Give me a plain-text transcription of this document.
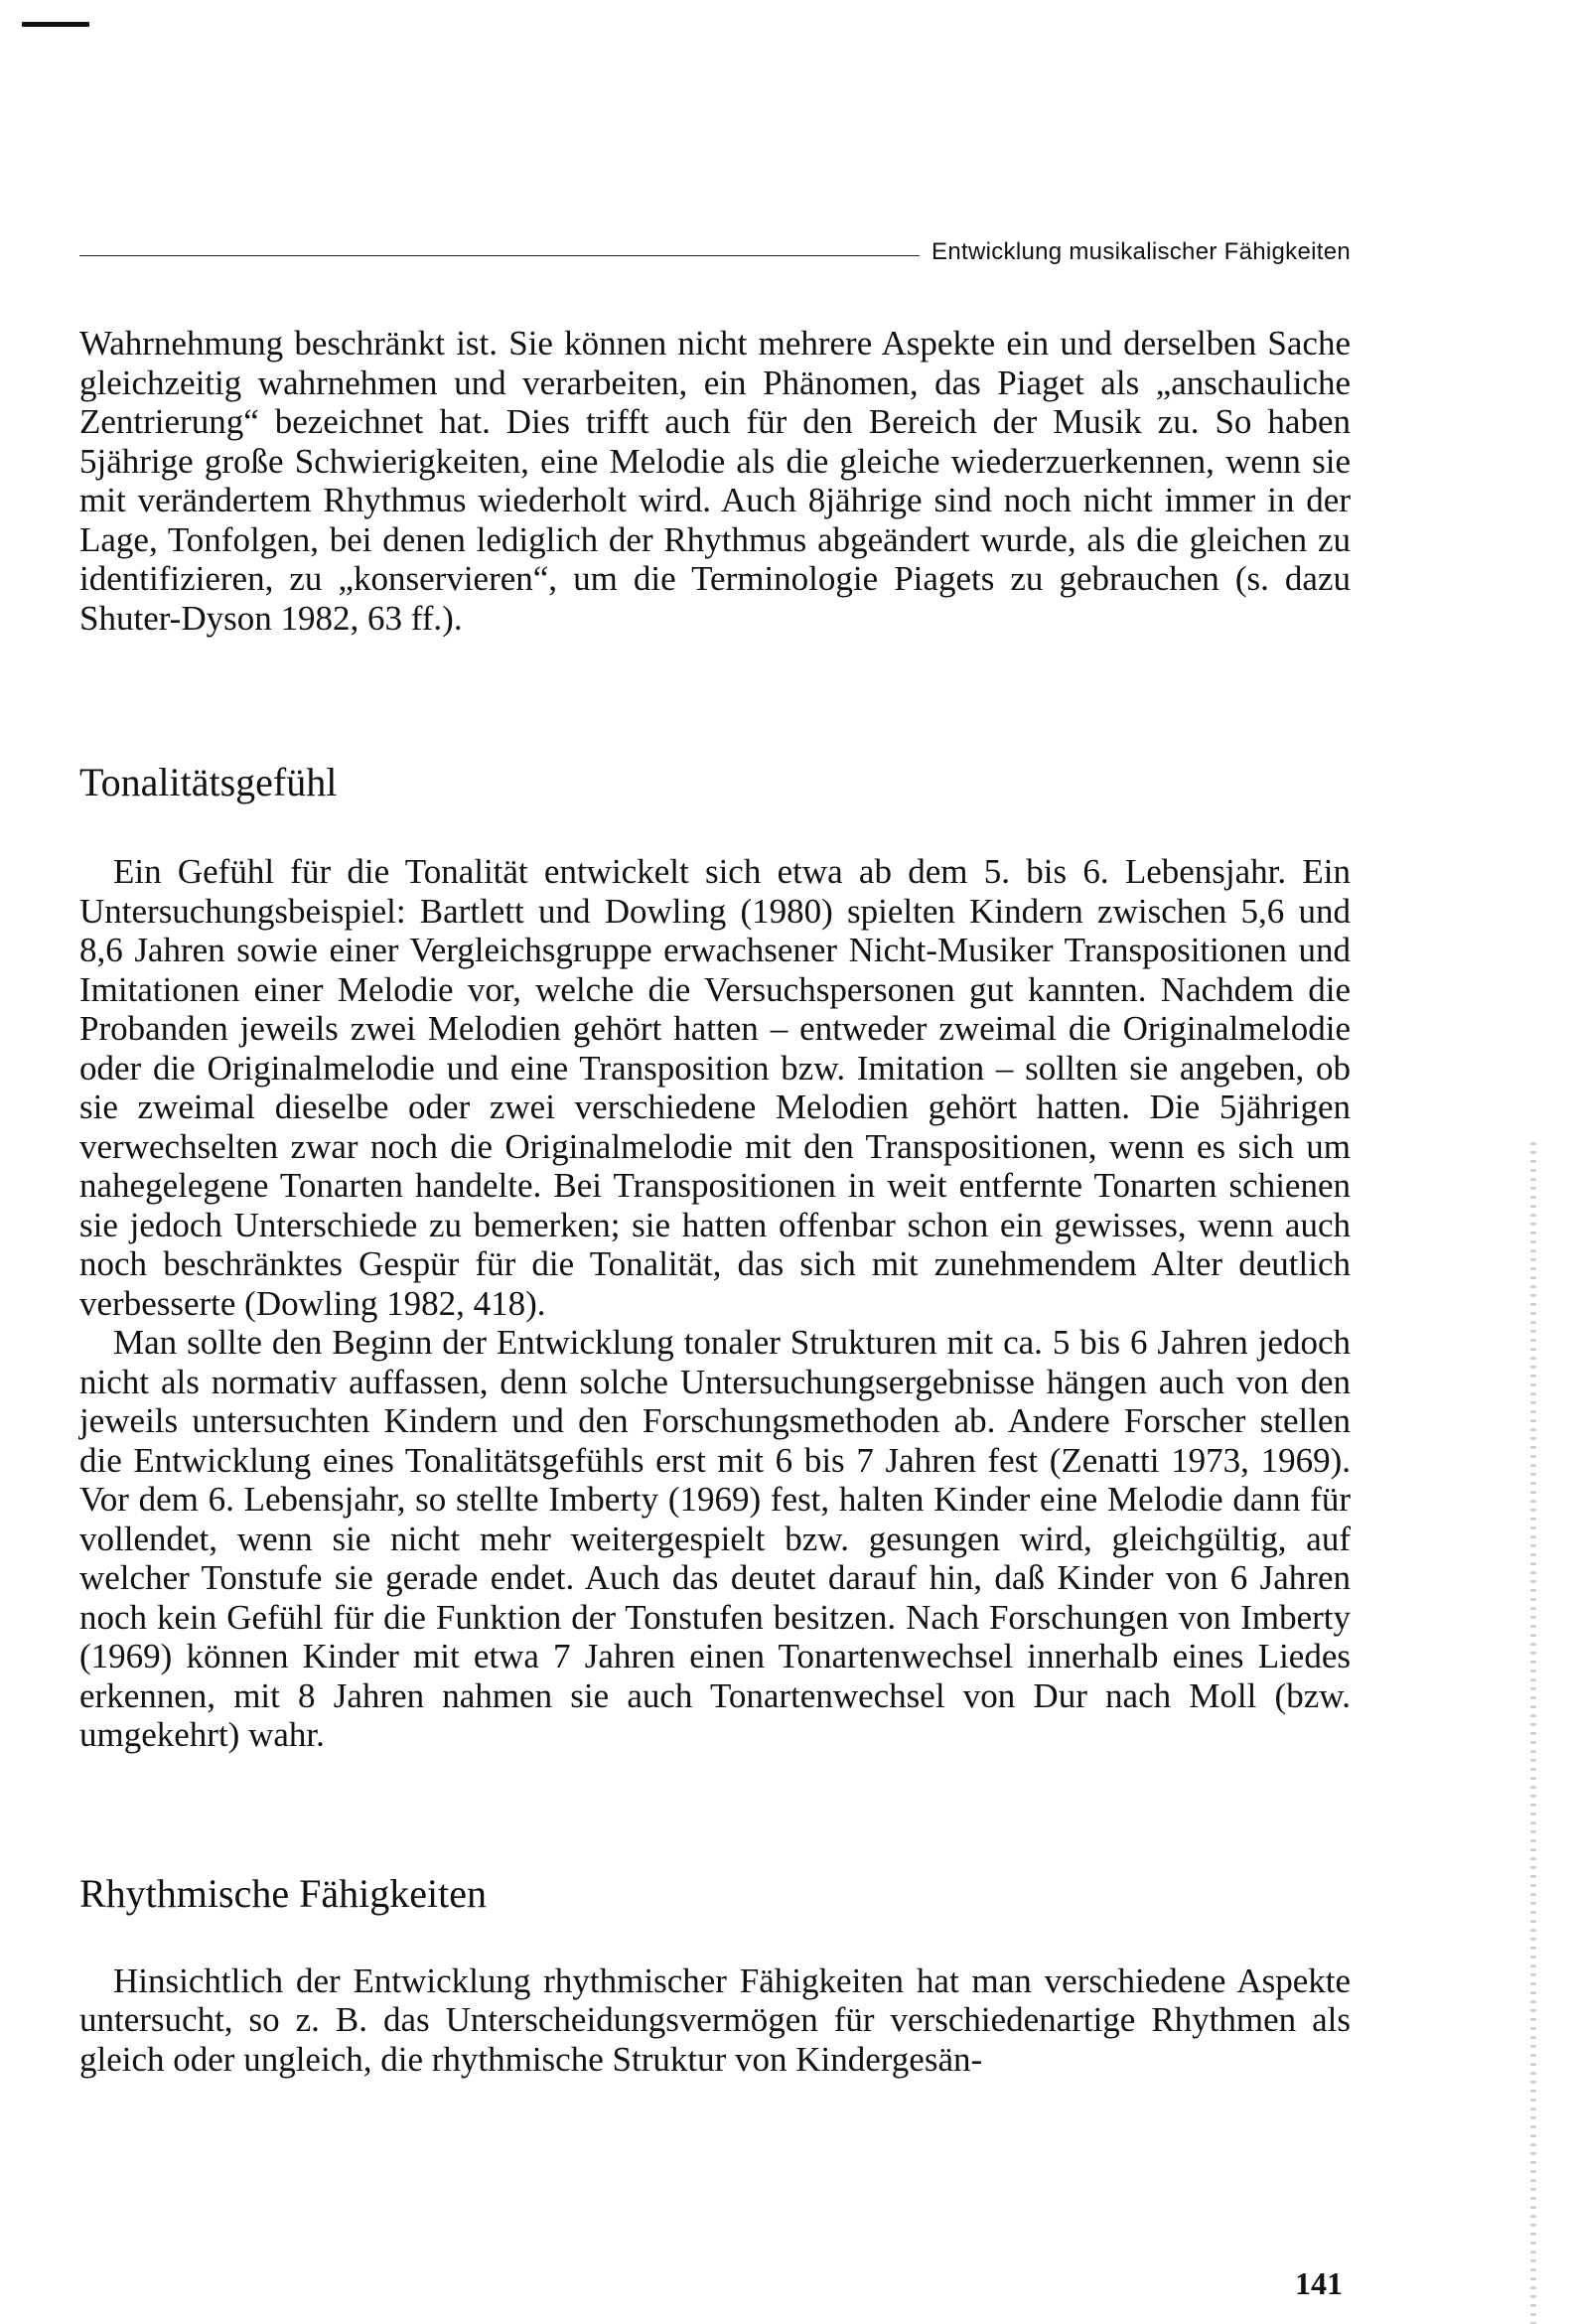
Entwicklung musikalischer Fähigkeiten

Wahrnehmung beschränkt ist. Sie können nicht mehrere Aspekte ein und derselben Sache gleichzeitig wahrnehmen und verarbeiten, ein Phänomen, das Piaget als „anschauliche Zentrierung“ bezeichnet hat. Dies trifft auch für den Bereich der Musik zu. So haben 5jährige große Schwierigkeiten, eine Melodie als die gleiche wiederzuerkennen, wenn sie mit verändertem Rhythmus wiederholt wird. Auch 8jährige sind noch nicht immer in der Lage, Tonfolgen, bei denen lediglich der Rhythmus abgeändert wurde, als die gleichen zu identifizieren, zu „konservieren“, um die Terminologie Piagets zu gebrauchen (s. dazu Shuter-Dyson 1982, 63 ff.).

Tonalitätsgefühl

Ein Gefühl für die Tonalität entwickelt sich etwa ab dem 5. bis 6. Lebensjahr. Ein Untersuchungsbeispiel: Bartlett und Dowling (1980) spielten Kindern zwischen 5,6 und 8,6 Jahren sowie einer Vergleichsgruppe erwachsener Nicht-Musiker Transpositionen und Imitationen einer Melodie vor, welche die Versuchspersonen gut kannten. Nachdem die Probanden jeweils zwei Melodien gehört hatten – entweder zweimal die Originalmelodie oder die Originalmelodie und eine Transposition bzw. Imitation – sollten sie angeben, ob sie zweimal dieselbe oder zwei verschiedene Melodien gehört hatten. Die 5jährigen verwechselten zwar noch die Originalmelodie mit den Transpositionen, wenn es sich um nahegelegene Tonarten handelte. Bei Transpositionen in weit entfernte Tonarten schienen sie jedoch Unterschiede zu bemerken; sie hatten offenbar schon ein gewisses, wenn auch noch beschränktes Gespür für die Tonalität, das sich mit zunehmendem Alter deutlich verbesserte (Dowling 1982, 418).

Man sollte den Beginn der Entwicklung tonaler Strukturen mit ca. 5 bis 6 Jahren jedoch nicht als normativ auffassen, denn solche Untersuchungsergebnisse hängen auch von den jeweils untersuchten Kindern und den Forschungsmethoden ab. Andere Forscher stellen die Entwicklung eines Tonalitätsgefühls erst mit 6 bis 7 Jahren fest (Zenatti 1973, 1969). Vor dem 6. Lebensjahr, so stellte Imberty (1969) fest, halten Kinder eine Melodie dann für vollendet, wenn sie nicht mehr weitergespielt bzw. gesungen wird, gleichgültig, auf welcher Tonstufe sie gerade endet. Auch das deutet darauf hin, daß Kinder von 6 Jahren noch kein Gefühl für die Funktion der Tonstufen besitzen. Nach Forschungen von Imberty (1969) können Kinder mit etwa 7 Jahren einen Tonartenwechsel innerhalb eines Liedes erkennen, mit 8 Jahren nahmen sie auch Tonartenwechsel von Dur nach Moll (bzw. umgekehrt) wahr.

Rhythmische Fähigkeiten

Hinsichtlich der Entwicklung rhythmischer Fähigkeiten hat man verschiedene Aspekte untersucht, so z. B. das Unterscheidungsvermögen für verschiedenartige Rhythmen als gleich oder ungleich, die rhythmische Struktur von Kindergesän-

141
